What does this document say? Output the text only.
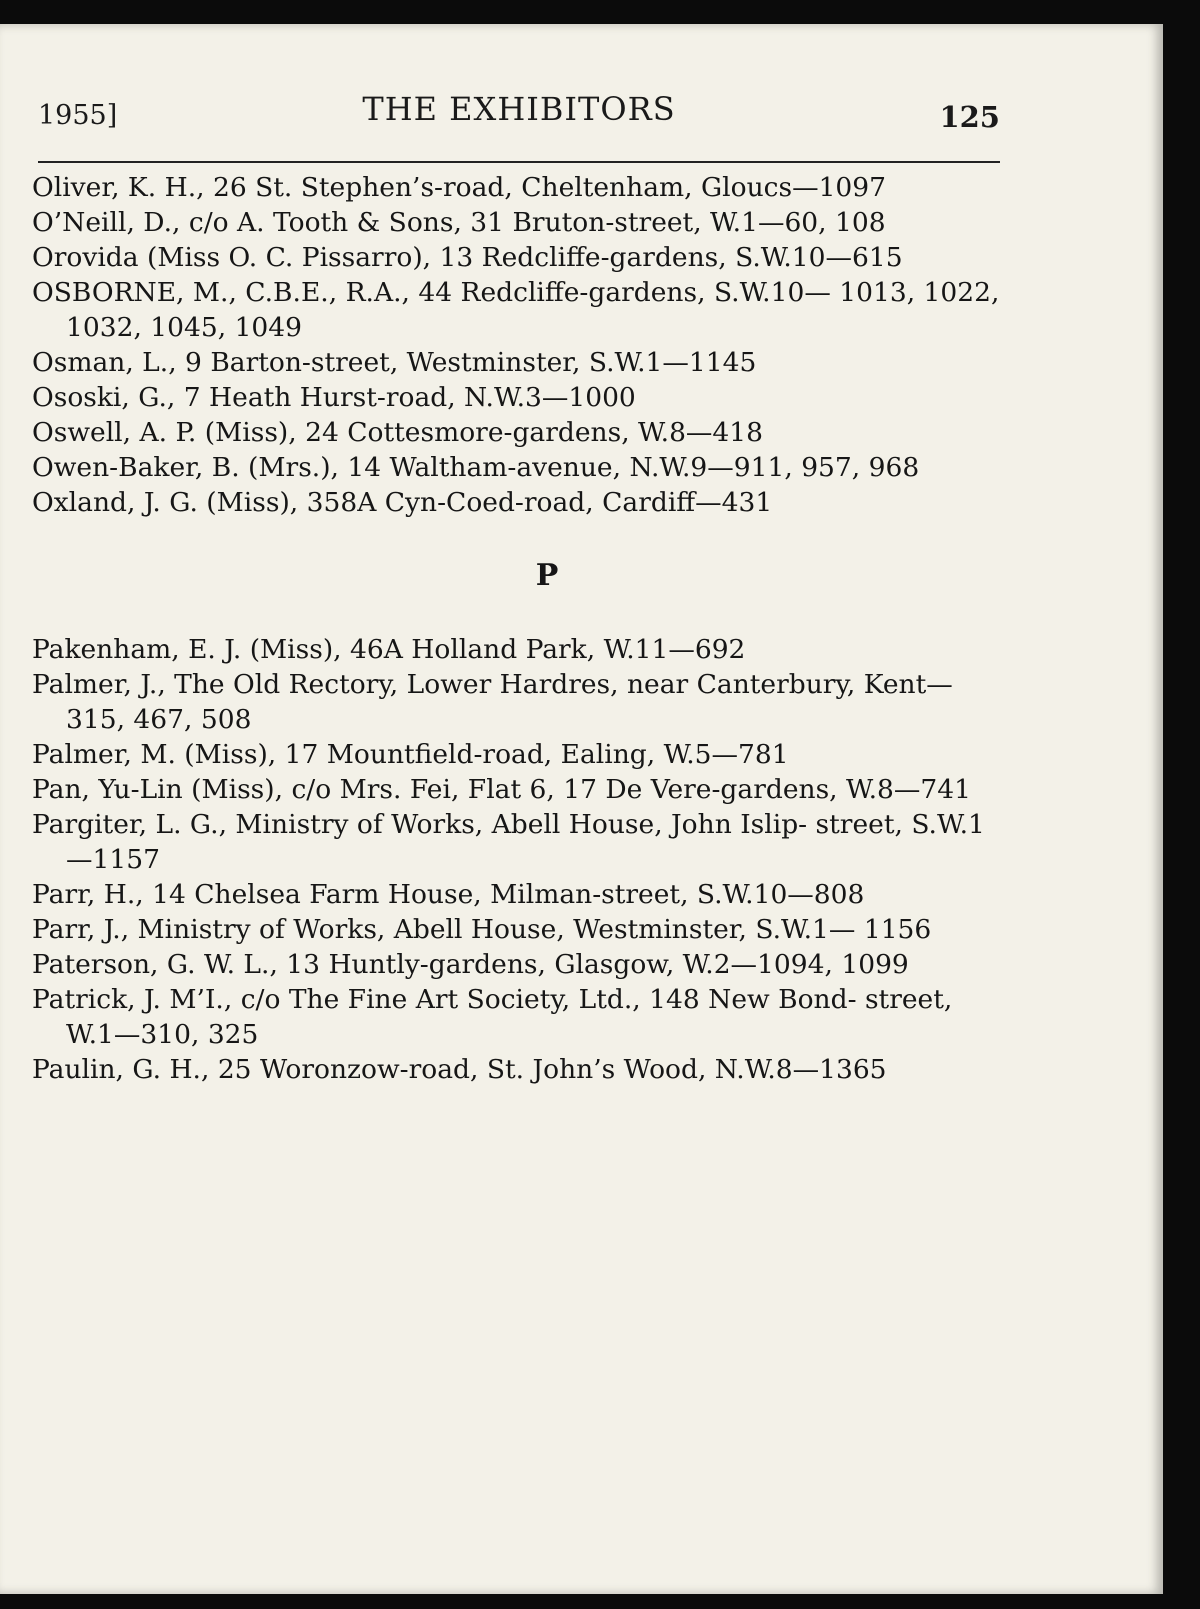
1955]	THE EXHIBITORS	125
Oliver, K. H., 26 St. Stephen’s-road, Cheltenham, Gloucs—1097
O’Neill, D., c/o A. Tooth & Sons, 31 Bruton-street, W.1—60, 108
Orovida (Miss O. C. Pissarro), 13 Redcliffe-gardens, S.W.10—615
OSBORNE, M., C.B.E., R.A., 44 Redcliffe-gardens, S.W.10— 1013, 1022, 1032, 1045, 1049
Osman, L., 9 Barton-street, Westminster, S.W.1—1145
Ososki, G., 7 Heath Hurst-road, N.W.3—1000
Oswell, A. P. (Miss), 24 Cottesmore-gardens, W.8—418
Owen-Baker, B. (Mrs.), 14 Waltham-avenue, N.W.9—911, 957, 968
Oxland, J. G. (Miss), 358A Cyn-Coed-road, Cardiff—431
P
Pakenham, E. J. (Miss), 46A Holland Park, W.11—692
Palmer, J., The Old Rectory, Lower Hardres, near Canterbury, Kent—315, 467, 508
Palmer, M. (Miss), 17 Mountfield-road, Ealing, W.5—781
Pan, Yu-Lin (Miss), c/o Mrs. Fei, Flat 6, 17 De Vere-gardens, W.8—741
Pargiter, L. G., Ministry of Works, Abell House, John Islip- street, S.W.1—1157
Parr, H., 14 Chelsea Farm House, Milman-street, S.W.10—808
Parr, J., Ministry of Works, Abell House, Westminster, S.W.1— 1156
Paterson, G. W. L., 13 Huntly-gardens, Glasgow, W.2—1094, 1099
Patrick, J. M’I., c/o The Fine Art Society, Ltd., 148 New Bond- street, W.1—310, 325
Paulin, G. H., 25 Woronzow-road, St. John’s Wood, N.W.8—1365
